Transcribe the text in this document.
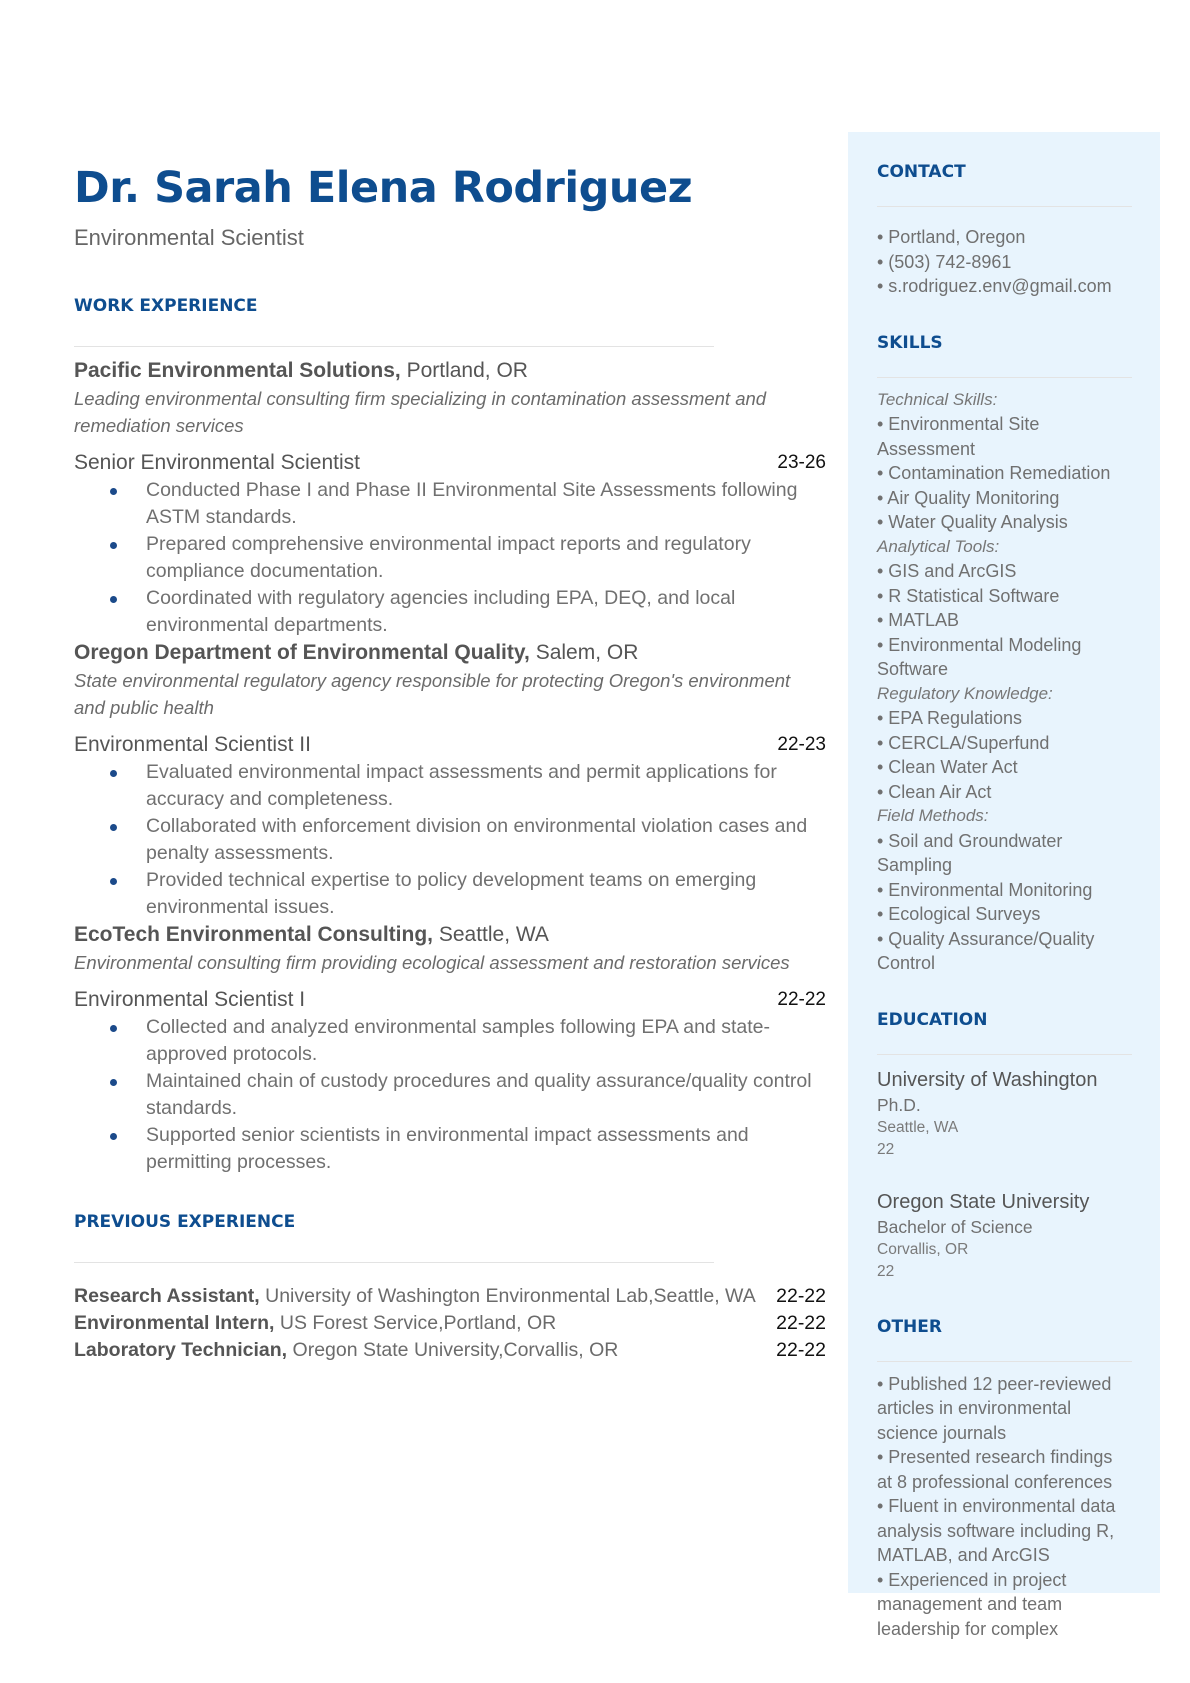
Dr. Sarah Elena Rodriguez
Environmental Scientist
WORK EXPERIENCE
Pacific Environmental Solutions, Portland, OR
Leading environmental consulting firm specializing in contamination assessment and remediation services
Senior Environmental Scientist	23-26
Conducted Phase I and Phase II Environmental Site Assessments following ASTM standards.
Prepared comprehensive environmental impact reports and regulatory compliance documentation.
Coordinated with regulatory agencies including EPA, DEQ, and local environmental departments.
Oregon Department of Environmental Quality, Salem, OR
State environmental regulatory agency responsible for protecting Oregon's environment and public health
Environmental Scientist II	22-23
Evaluated environmental impact assessments and permit applications for accuracy and completeness.
Collaborated with enforcement division on environmental violation cases and penalty assessments.
Provided technical expertise to policy development teams on emerging environmental issues.
EcoTech Environmental Consulting, Seattle, WA
Environmental consulting firm providing ecological assessment and restoration services
Environmental Scientist I	22-22
Collected and analyzed environmental samples following EPA and state-approved protocols.
Maintained chain of custody procedures and quality assurance/quality control standards.
Supported senior scientists in environmental impact assessments and permitting processes.
PREVIOUS EXPERIENCE
Research Assistant, University of Washington Environmental Lab,Seattle, WA 22-22
Environmental Intern, US Forest Service,Portland, OR	22-22
Laboratory Technician, Oregon State University,Corvallis, OR	22-22
CONTACT
• Portland, Oregon
• (503) 742-8961
• s.rodriguez.env@gmail.com
SKILLS
Technical Skills:
• Environmental Site Assessment
• Contamination Remediation
• Air Quality Monitoring
• Water Quality Analysis
Analytical Tools:
• GIS and ArcGIS
• R Statistical Software
• MATLAB
• Environmental Modeling Software
Regulatory Knowledge:
• EPA Regulations
• CERCLA/Superfund
• Clean Water Act
• Clean Air Act
Field Methods:
• Soil and Groundwater Sampling
• Environmental Monitoring
• Ecological Surveys
• Quality Assurance/Quality Control
EDUCATION
University of Washington
Ph.D.
Seattle, WA
22
Oregon State University
Bachelor of Science
Corvallis, OR
22
OTHER
• Published 12 peer-reviewed articles in environmental science journals
• Presented research findings at 8 professional conferences
• Fluent in environmental data analysis software including R, MATLAB, and ArcGIS
• Experienced in project management and team leadership for complex
